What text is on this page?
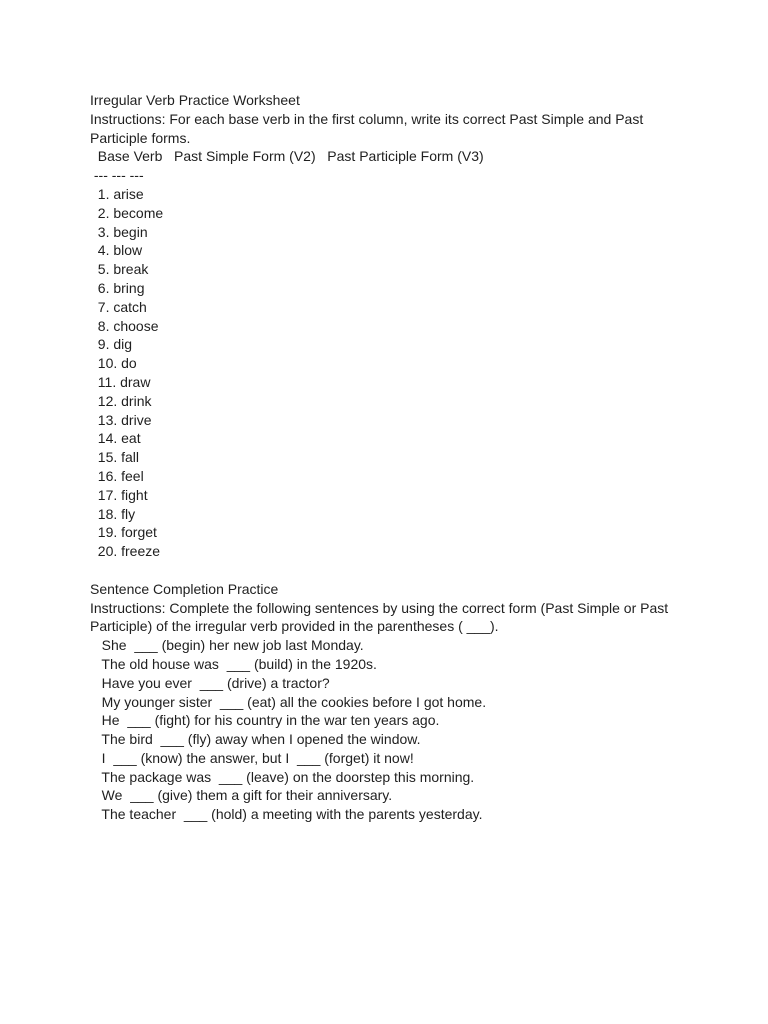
Irregular Verb Practice Worksheet
Instructions: For each base verb in the first column, write its correct Past Simple and Past Participle forms.
Base Verb   Past Simple Form (V2)   Past Participle Form (V3)
--- --- ---
1. arise
2. become
3. begin
4. blow
5. break
6. bring
7. catch
8. choose
9. dig
10. do
11. draw
12. drink
13. drive
14. eat
15. fall
16. feel
17. fight
18. fly
19. forget
20. freeze
Sentence Completion Practice
Instructions: Complete the following sentences by using the correct form (Past Simple or Past Participle) of the irregular verb provided in the parentheses ( ___).
She  ___ (begin) her new job last Monday.
The old house was  ___ (build) in the 1920s.
Have you ever  ___ (drive) a tractor?
My younger sister  ___ (eat) all the cookies before I got home.
He  ___ (fight) for his country in the war ten years ago.
The bird  ___ (fly) away when I opened the window.
I  ___ (know) the answer, but I  ___ (forget) it now!
The package was  ___ (leave) on the doorstep this morning.
We  ___ (give) them a gift for their anniversary.
The teacher  ___ (hold) a meeting with the parents yesterday.
